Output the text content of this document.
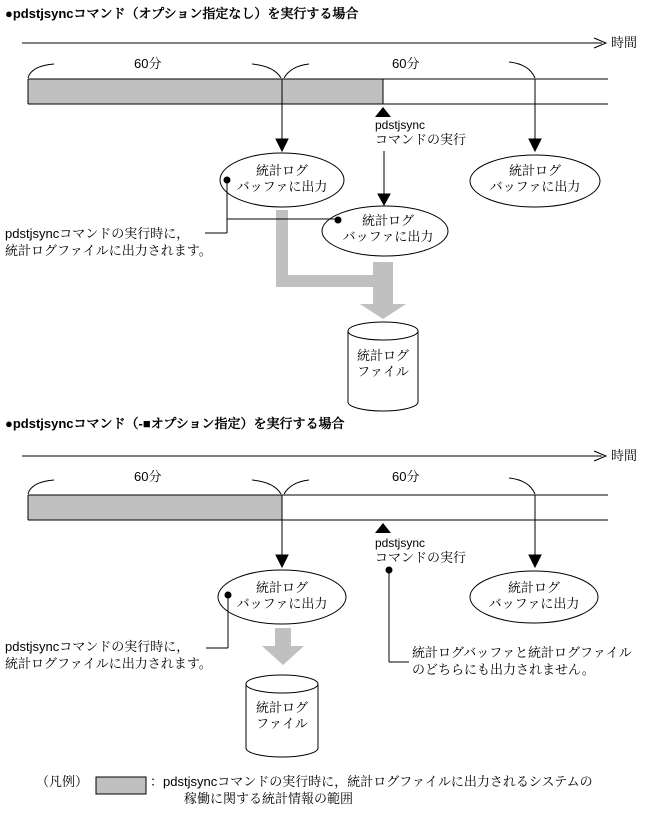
●pdstjsyncコマンド（オプション指定なし）を実行する場合
時間
60分	60分
pdstjsync
コマンドの実行
統計ログ
バッファに出力
統計ログ
バッファに出力
統計ログ
バッファに出力
pdstjsyncコマンドの実行時に，
統計ログファイルに出力されます。
統計ログ
ファイル
●pdstjsyncコマンド（-■オプション指定）を実行する場合
時間
60分	60分
pdstjsync
コマンドの実行
統計ログ
バッファに出力
統計ログ
バッファに出力
pdstjsyncコマンドの実行時に，
統計ログファイルに出力されます。
統計ログバッファと統計ログファイル
のどちらにも出力されません。
統計ログ
ファイル
（凡例）	：pdstjsyncコマンドの実行時に，統計ログファイルに出力されるシステムの
稼働に関する統計情報の範囲
